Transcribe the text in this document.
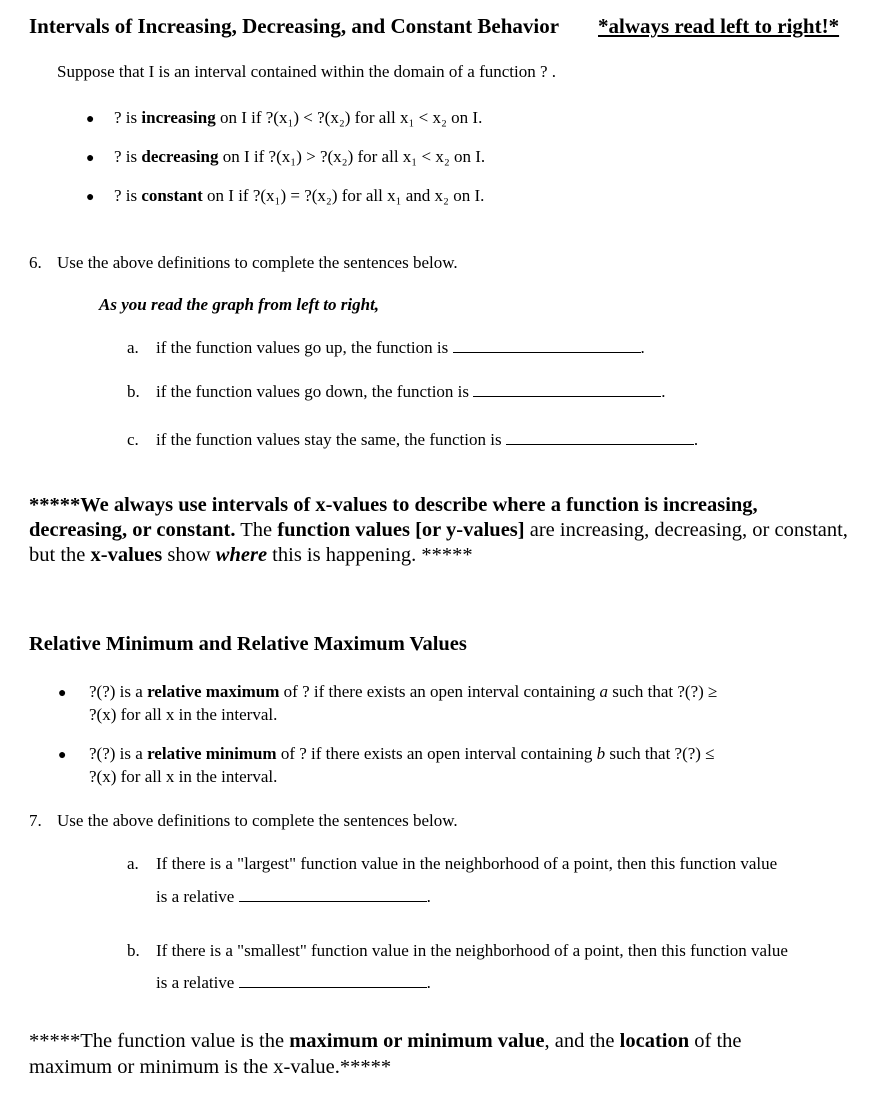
Intervals of Increasing, Decreasing, and Constant Behavior *always read left to right!*
Suppose that I is an interval contained within the domain of a function ? .
● ? is increasing on I if ?(x₁) < ?(x₂) for all x₁ < x₂ on I.
● ? is decreasing on I if ?(x₁) > ?(x₂) for all x₁ < x₂ on I.
● ? is constant on I if ?(x₁) = ?(x₂) for all x₁ and x₂ on I.
6. Use the above definitions to complete the sentences below.
As you read the graph from left to right,
a. if the function values go up, the function is	.
b. if the function values go down, the function is	.
c. if the function values stay the same, the function is	.
*****We always use intervals of x-values to describe where a function is increasing, decreasing, or constant. The function values [or y-values] are increasing, decreasing, or constant, but the x-values show where this is happening. *****
Relative Minimum and Relative Maximum Values
● ?(?) is a relative maximum of ? if there exists an open interval containing a such that ?(?) ≥
?(x) for all x in the interval.
● ?(?) is a relative minimum of ? if there exists an open interval containing b such that ?(?) ≤
?(x) for all x in the interval.
7. Use the above definitions to complete the sentences below.
a. If there is a "largest" function value in the neighborhood of a point, then this function value
is a relative	.
b. If there is a "smallest" function value in the neighborhood of a point, then this function value
is a relative	.
*****The function value is the maximum or minimum value, and the location of the
maximum or minimum is the x-value.*****
